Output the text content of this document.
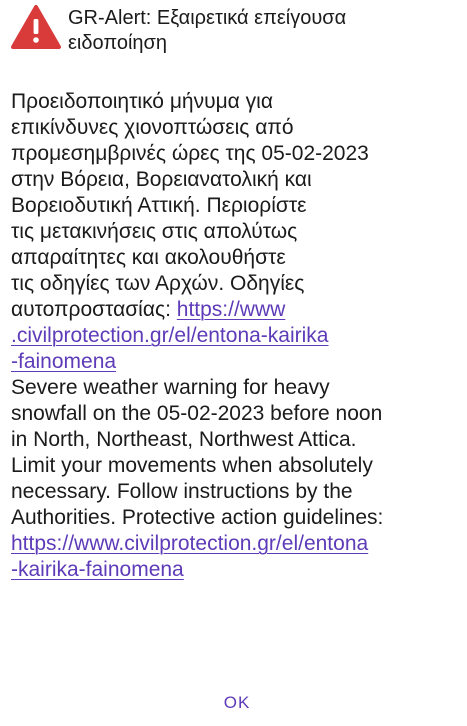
GR-Alert: Εξαιρετικά επείγουσα
ειδοποίηση
Προειδοποιητικό μήνυμα για
επικίνδυνες χιονοπτώσεις από
προμεσημβρινές ώρες της 05-02-2023
στην Βόρεια, Βορειανατολική και
Βορειοδυτική Αττική. Περιορίστε
τις μετακινήσεις στις απολύτως
απαραίτητες και ακολουθήστε
τις οδηγίες των Αρχών. Οδηγίες
αυτοπροστασίας: https://www
.civilprotection.gr/el/entona-kairika
-fainomena
Severe weather warning for heavy
snowfall on the 05-02-2023 before noon
in North, Northeast, Northwest Attica.
Limit your movements when absolutely
necessary. Follow instructions by the
Authorities. Protective action guidelines:
https://www.civilprotection.gr/el/entona
-kairika-fainomena
OK
